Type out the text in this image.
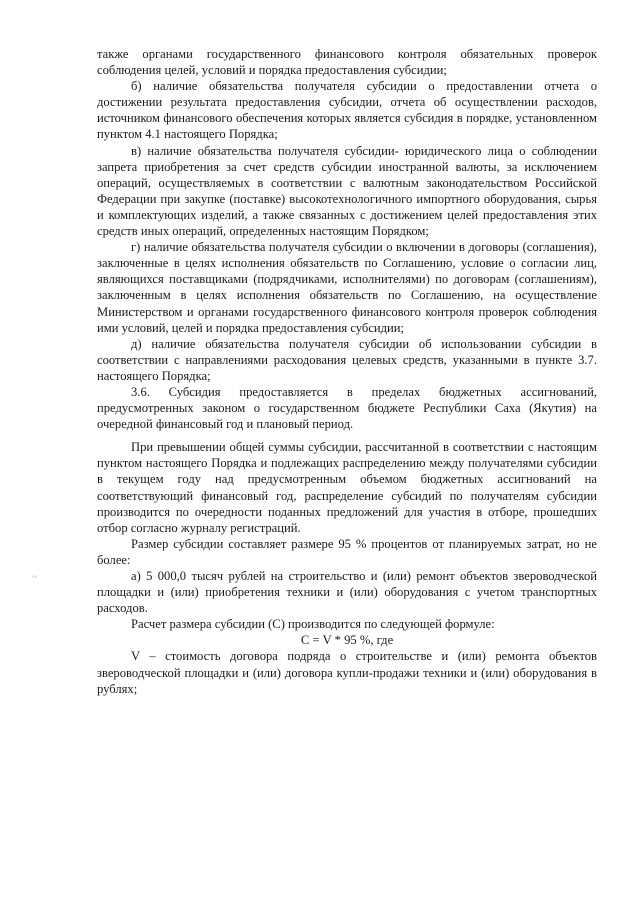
также органами государственного финансового контроля обязательных проверок соблюдения целей, условий и порядка предоставления субсидии;

б) наличие обязательства получателя субсидии о предоставлении отчета о достижении результата предоставления субсидии, отчета об осуществлении расходов, источником финансового обеспечения которых является субсидия в порядке, установленном пунктом 4.1 настоящего Порядка;

в) наличие обязательства получателя субсидии- юридического лица о соблюдении запрета приобретения за счет средств субсидии иностранной валюты, за исключением операций, осуществляемых в соответствии с валютным законодательством Российской Федерации при закупке (поставке) высокотехнологичного импортного оборудования, сырья и комплектующих изделий, а также связанных с достижением целей предоставления этих средств иных операций, определенных настоящим Порядком;

г) наличие обязательства получателя субсидии о включении в договоры (соглашения), заключенные в целях исполнения обязательств по Соглашению, условие о согласии лиц, являющихся поставщиками (подрядчиками, исполнителями) по договорам (соглашениям), заключенным в целях исполнения обязательств по Соглашению, на осуществление Министерством и органами государственного финансового контроля проверок соблюдения ими условий, целей и порядка предоставления субсидии;

д) наличие обязательства получателя субсидии об использовании субсидии в соответствии с направлениями расходования целевых средств, указанными в пункте 3.7. настоящего Порядка;

3.6. Субсидия предоставляется в пределах бюджетных ассигнований, предусмотренных законом о государственном бюджете Республики Саха (Якутия) на очередной финансовый год и плановый период.

При превышении общей суммы субсидии, рассчитанной в соответствии с настоящим пунктом настоящего Порядка и подлежащих распределению между получателями субсидии в текущем году над предусмотренным объемом бюджетных ассигнований на соответствующий финансовый год, распределение субсидий по получателям субсидии производится по очередности поданных предложений для участия в отборе, прошедших отбор согласно журналу регистраций.

Размер субсидии составляет размере 95 % процентов от планируемых затрат, но не более:

а) 5 000,0 тысяч рублей на строительство и (или) ремонт объектов звероводческой площадки и (или) приобретения техники и (или) оборудования с учетом транспортных расходов.

Расчет размера субсидии (С) производится по следующей формуле:

С = V * 95 %, где

V – стоимость договора подряда о строительстве и (или) ремонта объектов звероводческой площадки и (или) договора купли-продажи техники и (или) оборудования в рублях;

~
